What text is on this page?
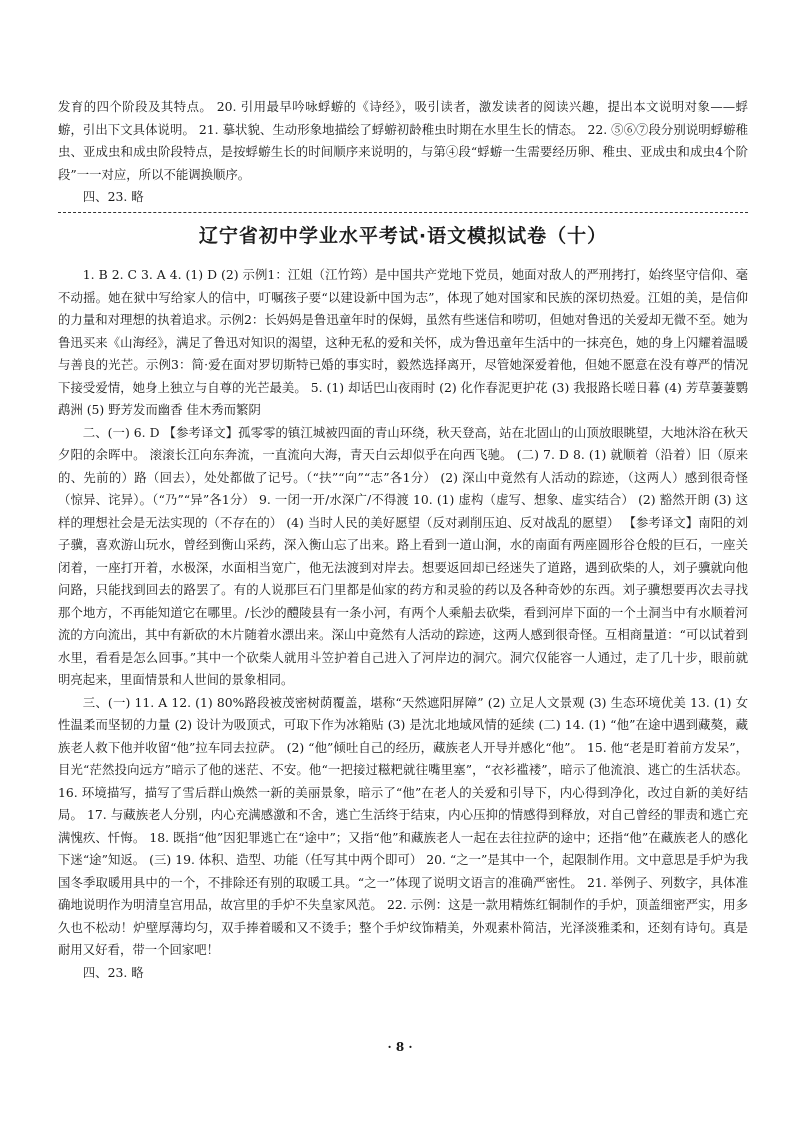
发育的四个阶段及其特点。 20. 引用最早吟咏蜉蝣的《诗经》，吸引读者，激发读者的阅读兴趣，提出本文说明对象——蜉蝣，引出下文具体说明。 21. 摹状貌、生动形象地描绘了蜉蝣初龄稚虫时期在水里生长的情态。 22. ⑤⑥⑦段分别说明蜉蝣稚虫、亚成虫和成虫阶段特点，是按蜉蝣生长的时间顺序来说明的，与第④段“蜉蝣一生需要经历卵、稚虫、亚成虫和成虫4个阶段”一一对应，所以不能调换顺序。

四、23. 略

辽宁省初中学业水平考试·语文模拟试卷（十）

1. B 2. C 3. A 4. (1) D (2) 示例1：江姐（江竹筠）是中国共产党地下党员，她面对敌人的严刑拷打，始终坚守信仰、毫不动摇。她在狱中写给家人的信中，叮嘱孩子要“以建设新中国为志”，体现了她对国家和民族的深切热爱。江姐的美，是信仰的力量和对理想的执着追求。示例2：长妈妈是鲁迅童年时的保姆，虽然有些迷信和唠叨，但她对鲁迅的关爱却无微不至。她为鲁迅买来《山海经》，满足了鲁迅对知识的渴望，这种无私的爱和关怀，成为鲁迅童年生活中的一抹亮色，她的身上闪耀着温暖与善良的光芒。示例3：简·爱在面对罗切斯特已婚的事实时，毅然选择离开，尽管她深爱着他，但她不愿意在没有尊严的情况下接受爱情，她身上独立与自尊的光芒最美。 5. (1) 却话巴山夜雨时 (2) 化作春泥更护花 (3) 我报路长嗟日暮 (4) 芳草萋萋鹦鹉洲 (5) 野芳发而幽香 佳木秀而繁阴

二、(一) 6. D 【参考译文】孤零零的镇江城被四面的青山环绕，秋天登高，站在北固山的山顶放眼眺望，大地沐浴在秋天夕阳的余晖中。 滚滚长江向东奔流，一直流向大海，青天白云却似乎在向西飞驰。 (二) 7. D 8. (1) 就顺着（沿着）旧（原来的、先前的）路（回去），处处都做了记号。（“扶”“向”“志”各1分） (2) 深山中竟然有人活动的踪迹，（这两人）感到很奇怪（惊异、诧异）。（“乃”“异”各1分） 9. 一闭一开/水深广/不得渡 10. (1) 虚构（虚写、想象、虚实结合） (2) 豁然开朗 (3) 这样的理想社会是无法实现的（不存在的） (4) 当时人民的美好愿望（反对剥削压迫、反对战乱的愿望） 【参考译文】南阳的刘子骥，喜欢游山玩水，曾经到衡山采药，深入衡山忘了出来。路上看到一道山涧，水的南面有两座圆形谷仓般的巨石，一座关闭着，一座打开着，水极深，水面相当宽广，他无法渡到对岸去。想要返回却已经迷失了道路，遇到砍柴的人，刘子骥就向他问路，只能找到回去的路罢了。有的人说那巨石门里都是仙家的药方和灵验的药以及各种奇妙的东西。刘子骥想要再次去寻找那个地方，不再能知道它在哪里。/长沙的醴陵县有一条小河，有两个人乘船去砍柴，看到河岸下面的一个土洞当中有水顺着河流的方向流出，其中有新砍的木片随着水漂出来。深山中竟然有人活动的踪迹，这两人感到很奇怪。互相商量道：“可以试着到水里，看看是怎么回事。”其中一个砍柴人就用斗笠护着自己进入了河岸边的洞穴。洞穴仅能容一人通过，走了几十步，眼前就明亮起来，里面情景和人世间的景象相同。

三、(一) 11. A 12. (1) 80%路段被茂密树荫覆盖，堪称“天然遮阳屏障” (2) 立足人文景观 (3) 生态环境优美 13. (1) 女性温柔而坚韧的力量 (2) 设计为吸顶式，可取下作为冰箱贴 (3) 是沈北地域风情的延续 (二) 14. (1) “他”在途中遇到藏獒，藏族老人救下他并收留“他”拉车同去拉萨。 (2) “他”倾吐自己的经历，藏族老人开导并感化“他”。 15. 他“老是盯着前方发呆”，目光“茫然投向远方”暗示了他的迷茫、不安。他“一把接过糍粑就往嘴里塞”，“衣衫褴褛”，暗示了他流浪、逃亡的生活状态。 16. 环境描写，描写了雪后群山焕然一新的美丽景象，暗示了“他”在老人的关爱和引导下，内心得到净化，改过自新的美好结局。 17. 与藏族老人分别，内心充满感激和不舍，逃亡生活终于结束，内心压抑的情感得到释放，对自己曾经的罪责和逃亡充满愧疚、忏悔。 18. 既指“他”因犯罪逃亡在“途中”；又指“他”和藏族老人一起在去往拉萨的途中；还指“他”在藏族老人的感化下迷“途”知返。 (三) 19. 体积、造型、功能（任写其中两个即可） 20. “之一”是其中一个，起限制作用。文中意思是手炉为我国冬季取暖用具中的一个，不排除还有别的取暖工具。“之一”体现了说明文语言的准确严密性。 21. 举例子、列数字，具体准确地说明作为明清皇宫用品，故宫里的手炉不失皇家风范。 22. 示例：这是一款用精炼红铜制作的手炉，顶盖细密严实，用多久也不松动！炉壁厚薄均匀，双手捧着暖和又不烫手；整个手炉纹饰精美，外观素朴简洁，光泽淡雅柔和，还刻有诗句。真是耐用又好看，带一个回家吧！

四、23. 略

· 8 ·
